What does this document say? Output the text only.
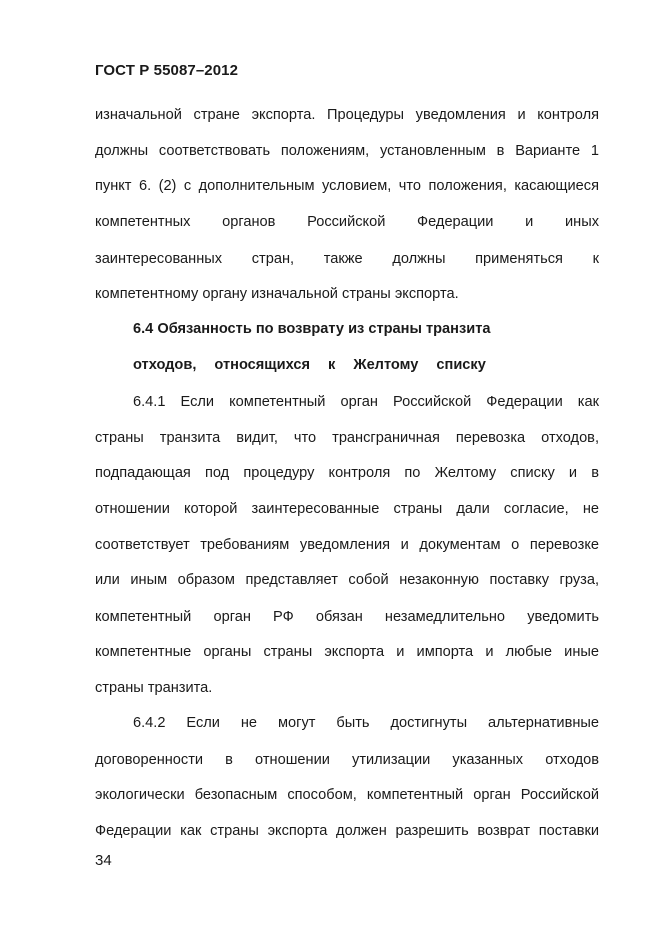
ГОСТ Р 55087–2012
изначальной стране экспорта. Процедуры уведомления и контроля
должны соответствовать положениям, установленным в Варианте 1
пункт 6. (2) с дополнительным условием, что положения, касающиеся
компетентных органов Российской Федерации и иных
заинтересованных стран, также должны применяться к
компетентному органу изначальной страны экспорта.
6.4 Обязанность по возврату из страны транзита
отходов, относящихся к Желтому списку
6.4.1 Если компетентный орган Российской Федерации как
страны транзита видит, что трансграничная перевозка отходов,
подпадающая под процедуру контроля по Желтому списку и в
отношении которой заинтересованные страны дали согласие, не
соответствует требованиям уведомления и документам о перевозке
или иным образом представляет собой незаконную поставку груза,
компетентный орган РФ обязан незамедлительно уведомить
компетентные органы страны экспорта и импорта и любые иные
страны транзита.
6.4.2 Если не могут быть достигнуты альтернативные
договоренности в отношении утилизации указанных отходов
экологически безопасным способом, компетентный орган Российской
Федерации как страны экспорта должен разрешить возврат поставки
34
